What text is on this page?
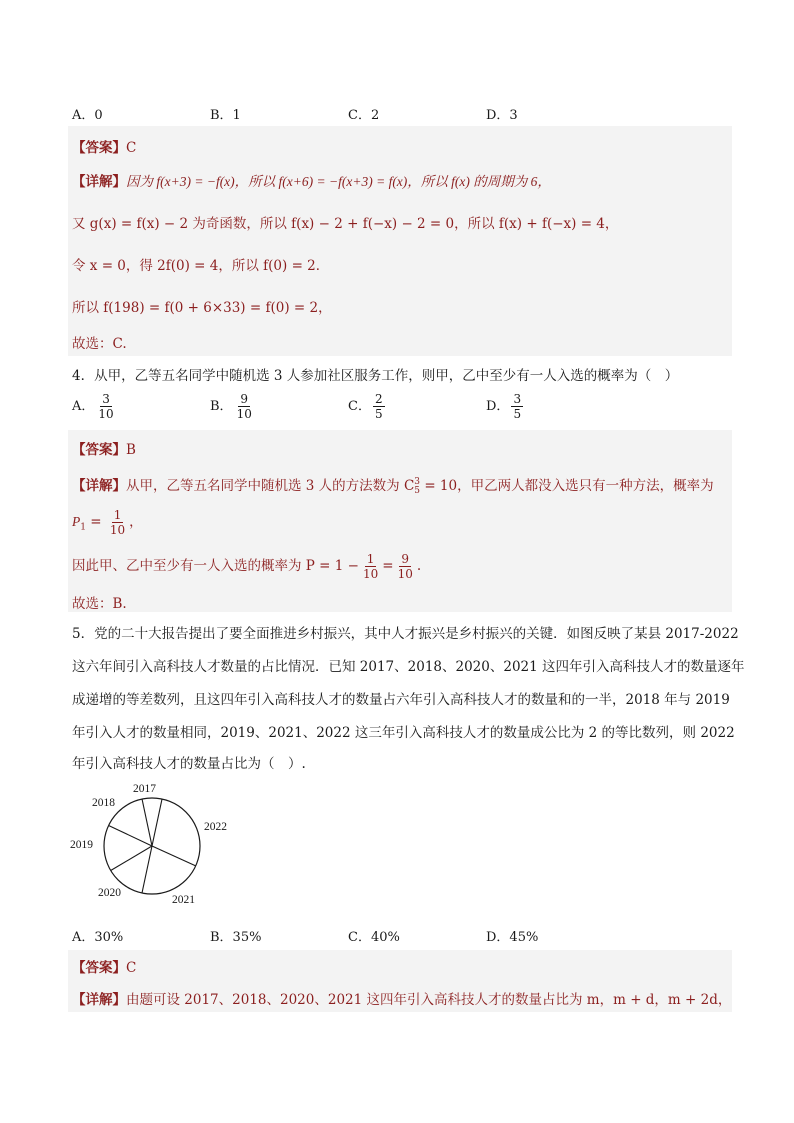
A．0	B．1	C．2	D．3
【答案】C
【详解】因为 f(x+3) = −f(x)，所以 f(x+6) = −f(x+3) = f(x)，所以 f(x) 的周期为 6，
又 g(x) = f(x) − 2 为奇函数，所以 f(x) − 2 + f(−x) − 2 = 0，所以 f(x) + f(−x) = 4，
令 x = 0，得 2f(0) = 4，所以 f(0) = 2．
所以 f(198) = f(0 + 6×33) = f(0) = 2，
故选：C.
4．从甲，乙等五名同学中随机选 3 人参加社区服务工作，则甲，乙中至少有一人入选的概率为（　）
A． $\frac{3}{10}$	B． $\frac{9}{10}$	C． $\frac{2}{5}$	D． $\frac{3}{5}$
【答案】B
【详解】从甲，乙等五名同学中随机选 3 人的方法数为 C 3
5 = 10，甲乙两人都没入选只有一种方法，概率为
$P_1 = \frac{1}{10}$ ，
因此甲、乙中至少有一人入选的概率为 $P = 1 - \frac{1}{10} = \frac{9}{10}$ .
故选：B.
5．党的二十大报告提出了要全面推进乡村振兴，其中人才振兴是乡村振兴的关键．如图反映了某县 2017-2022
这六年间引入高科技人才数量的占比情况．已知 2017、2018、2020、2021 这四年引入高科技人才的数量逐年
成递增的等差数列，且这四年引入高科技人才的数量占六年引入高科技人才的数量和的一半，2018 年与 2019
年引入人才的数量相同，2019、2021、2022 这三年引入高科技人才的数量成公比为 2 的等比数列，则 2022
年引入高科技人才的数量占比为（　）.
2017
2018
2019
2020
2021
2022
A．30%	B．35%	C．40%	D．45%
【答案】C
【详解】由题可设 2017、2018、2020、2021 这四年引入高科技人才的数量占比为 m，m + d，m + 2d，
